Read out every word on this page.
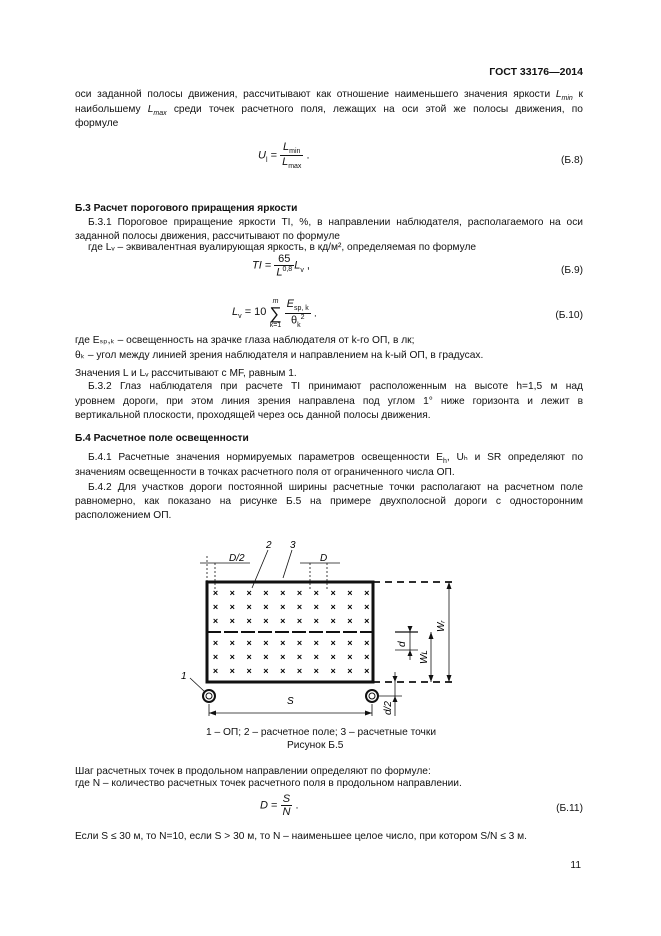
ГОСТ 33176—2014
оси заданной полосы движения, рассчитывают как отношение наименьшего значения яркости $L_{min}$ к
наибольшему $L_{max}$ среди точек расчетного поля, лежащих на оси этой же полосы движения, по
формуле
$U_l = \frac{L_{min}}{L_{max}}$ .	(Б.8)
Б.3 Расчет порогового приращения яркости
Б.3.1 Пороговое приращение яркости TI, %, в направлении наблюдателя, располагаемого на оси
заданной полосы движения, рассчитывают по формуле
где Lᵥ – эквивалентная вуалирующая яркость, в кд/м², определяемая по формуле
TI = $\frac{65}{L^{0,8}} L_v$ ,	(Б.9)
$L_v = 10$
m
∑
k=1
$\frac{E_{sp, k}}{\theta_k^2}$ .	(Б.10)
где Eₛₚ,ₖ – освещенность на зрачке глаза наблюдателя от k-го ОП, в лк;
θₖ – угол между линией зрения наблюдателя и направлением на k-ый ОП, в градусах.
Значения L и Lᵥ рассчитывают с MF, равным 1.
Б.3.2 Глаз наблюдателя при расчете TI принимают расположенным на высоте h=1,5 м над
уровнем дороги, при этом линия зрения направлена под углом 1° ниже горизонта и лежит в
вертикальной плоскости, проходящей через ось данной полосы движения.
Б.4 Расчетное поле освещенности
Б.4.1 Расчетные значения нормируемых параметров освещенности $E_h$, Uₕ и SR определяют по
значениям освещенности в точках расчетного поля от ограниченного числа ОП.
Б.4.2 Для участков дороги постоянной ширины расчетные точки располагают на расчетном поле
равномерно, как показано на рисунке Б.5 на примере двухполосной дороги с односторонним
расположением ОП.
× × × × × × × × × ×
× × × × × × × × × ×
× × × × × × × × × ×
× × × × × × × × × ×
× × × × × × × × × ×
× × × × × × × × × ×
D/2
2 3
D
1
S
Wᵣ
Wʟ
d
d/2
1 – ОП; 2 – расчетное поле; 3 – расчетные точки
Рисунок Б.5
Шаг расчетных точек в продольном направлении определяют по формуле:
где N – количество расчетных точек расчетного поля в продольном направлении.
$D = \frac{S}{N}$ .	(Б.11)
Если S ≤ 30 м, то N=10, если S > 30 м, то N – наименьшее целое число, при котором S/N ≤ 3 м.
11
